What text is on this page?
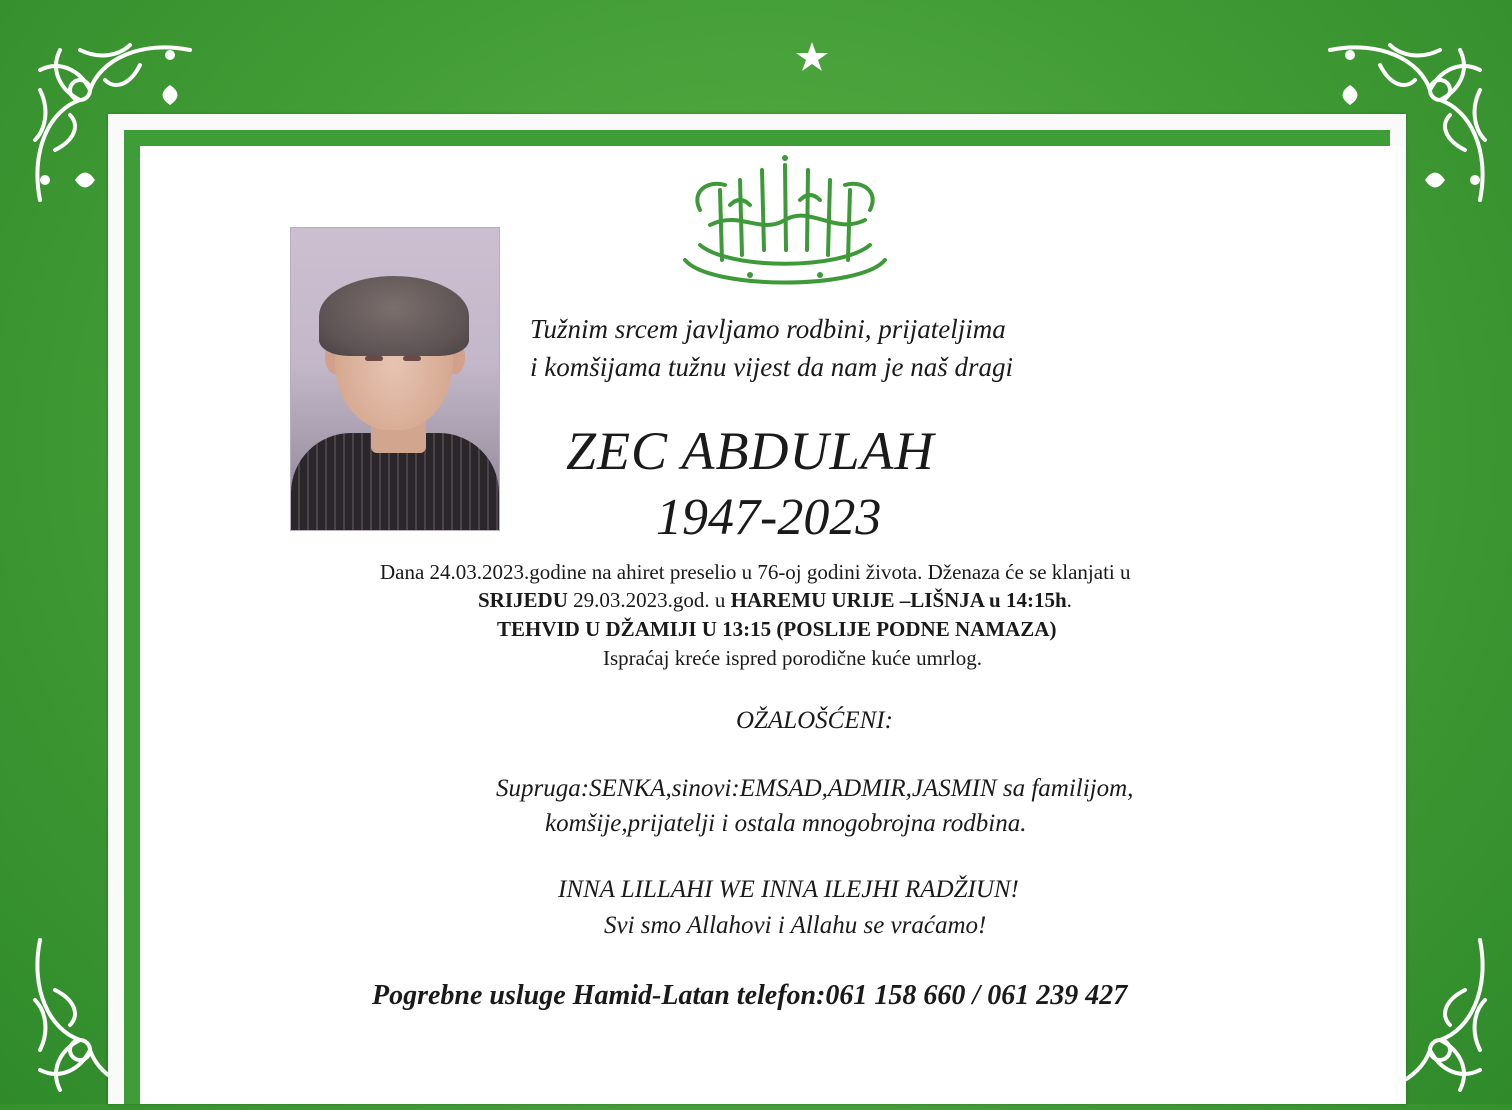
Tužnim srcem javljamo rodbini, prijateljima
i komšijama tužnu vijest da nam je naš dragi
ZEC ABDULAH
1947-2023
Dana 24.03.2023.godine na ahiret preselio u 76-oj godini života. Dženaza će se klanjati u
SRIJEDU 29.03.2023.god. u HAREMU URIJE –LIŠNJA u 14:15h.
TEHVID U DŽAMIJI U 13:15 (POSLIJE PODNE NAMAZA)
Ispraćaj kreće ispred porodične kuće umrlog.
OŽALOŠĆENI:
Supruga:SENKA,sinovi:EMSAD,ADMIR,JASMIN sa familijom,
komšije,prijatelji i ostala mnogobrojna rodbina.
INNA LILLAHI WE INNA ILEJHI RADŽIUN!
Svi smo Allahovi i Allahu se vraćamo!
Pogrebne usluge Hamid-Latan telefon:061 158 660 / 061 239 427
